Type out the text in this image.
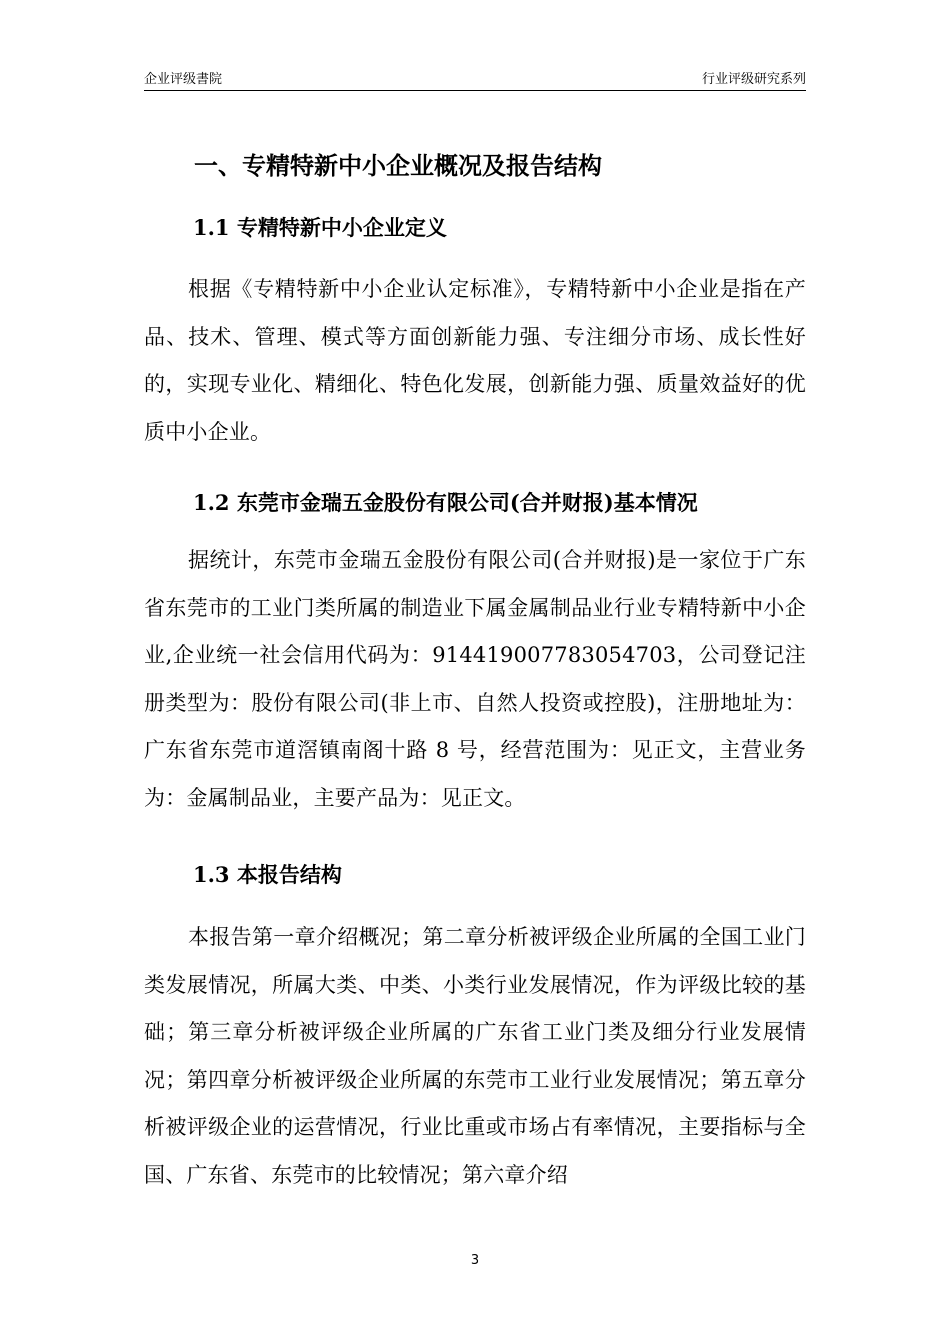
企业评级書院	行业评级研究系列
一、专精特新中小企业概况及报告结构
1.1 专精特新中小企业定义
根据《专精特新中小企业认定标准》，专精特新中小企业是指在产品、技术、管理、模式等方面创新能力强、专注细分市场、成长性好的，实现专业化、精细化、特色化发展，创新能力强、质量效益好的优质中小企业。
1.2 东莞市金瑞五金股份有限公司(合并财报)基本情况
据统计，东莞市金瑞五金股份有限公司(合并财报)是一家位于广东省东莞市的工业门类所属的制造业下属金属制品业行业专精特新中小企业,企业统一社会信用代码为：914419007783054703，公司登记注册类型为：股份有限公司(非上市、自然人投资或控股)，注册地址为：广东省东莞市道滘镇南阁十路 8 号，经营范围为：见正文，主营业务为：金属制品业，主要产品为：见正文。
1.3 本报告结构
本报告第一章介绍概况；第二章分析被评级企业所属的全国工业门类发展情况，所属大类、中类、小类行业发展情况，作为评级比较的基础；第三章分析被评级企业所属的广东省工业门类及细分行业发展情况；第四章分析被评级企业所属的东莞市工业行业发展情况；第五章分析被评级企业的运营情况，行业比重或市场占有率情况，主要指标与全国、广东省、东莞市的比较情况；第六章介绍
3
